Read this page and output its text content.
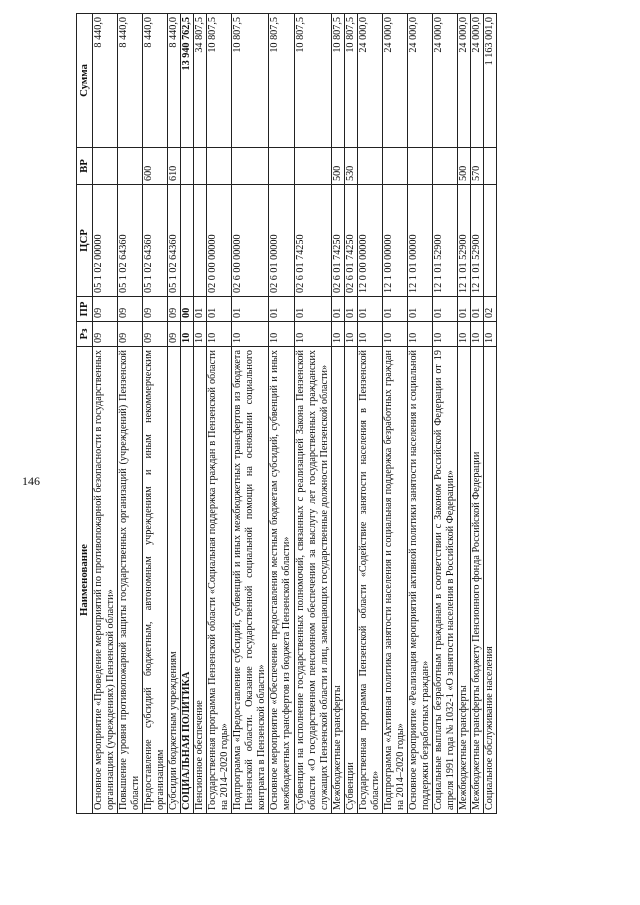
146
Наименование	Рз	ПР	ЦСР	ВР	Сумма
Основное мероприятие «Проведение мероприятий по противопожарной безопасности в государственных организациях (учреждениях) Пензенской области»	09	09	05 1 02 00000		8 440,0
Повышение уровня противопожарной защиты государственных организаций (учреждений) Пензенской области	09	09	05 1 02 64360		8 440,0
Предоставление субсидий бюджетным, автономным учреждениям и иным некоммерческим организациям	09	09	05 1 02 64360	600	8 440,0
Субсидии бюджетным учреждениям	09	09	05 1 02 64360	610	8 440,0
СОЦИАЛЬНАЯ ПОЛИТИКА	10	00			13 940 762,5
Пенсионное обеспечение	10	01			34 807,5
Государственная программа Пензенской области «Социальная поддержка граждан в Пензенской области на 2014–2020 годы»	10	01	02 0 00 00000		10 807,5
Подпрограмма «Предоставление субсидий, субвенций и иных межбюджетных трансфертов из бюджета Пензенской области. Оказание государственной социальной помощи на основании социального контракта в Пензенской области»	10	01	02 6 00 00000		10 807,5
Основное мероприятие «Обеспечение предоставления местным бюджетам субсидий, субвенций и иных межбюджетных трансфертов из бюджета Пензенской области»	10	01	02 6 01 00000		10 807,5
Субвенции на исполнение государственных полномочий, связанных с реализацией Закона Пензенской области «О государственном пенсионном обеспечении за выслугу лет государственных гражданских служащих Пензенской области и лиц, замещающих государственные должности Пензенской области»	10	01	02 6 01 74250		10 807,5
Межбюджетные трансферты	10	01	02 6 01 74250	500	10 807,5
Субвенции	10	01	02 6 01 74250	530	10 807,5
Государственная программа Пензенской области «Содействие занятости населения в Пензенской области»	10	01	12 0 00 00000		24 000,0
Подпрограмма «Активная политика занятости населения и социальная поддержка безработных граждан на 2014–2020 годы»	10	01	12 1 00 00000		24 000,0
Основное мероприятие «Реализация мероприятий активной политики занятости населения и социальной поддержки безработных граждан»	10	01	12 1 01 00000		24 000,0
Социальные выплаты безработным гражданам в соответствии с Законом Российской Федерации от 19 апреля 1991 года № 1032-1 «О занятости населения в Российской Федерации»	10	01	12 1 01 52900		24 000,0
Межбюджетные трансферты	10	01	12 1 01 52900	500	24 000,0
Межбюджетные трансферты бюджету Пенсионного фонда Российской Федерации	10	01	12 1 01 52900	570	24 000,0
Социальное обслуживание населения	10	02			1 163 001,0
